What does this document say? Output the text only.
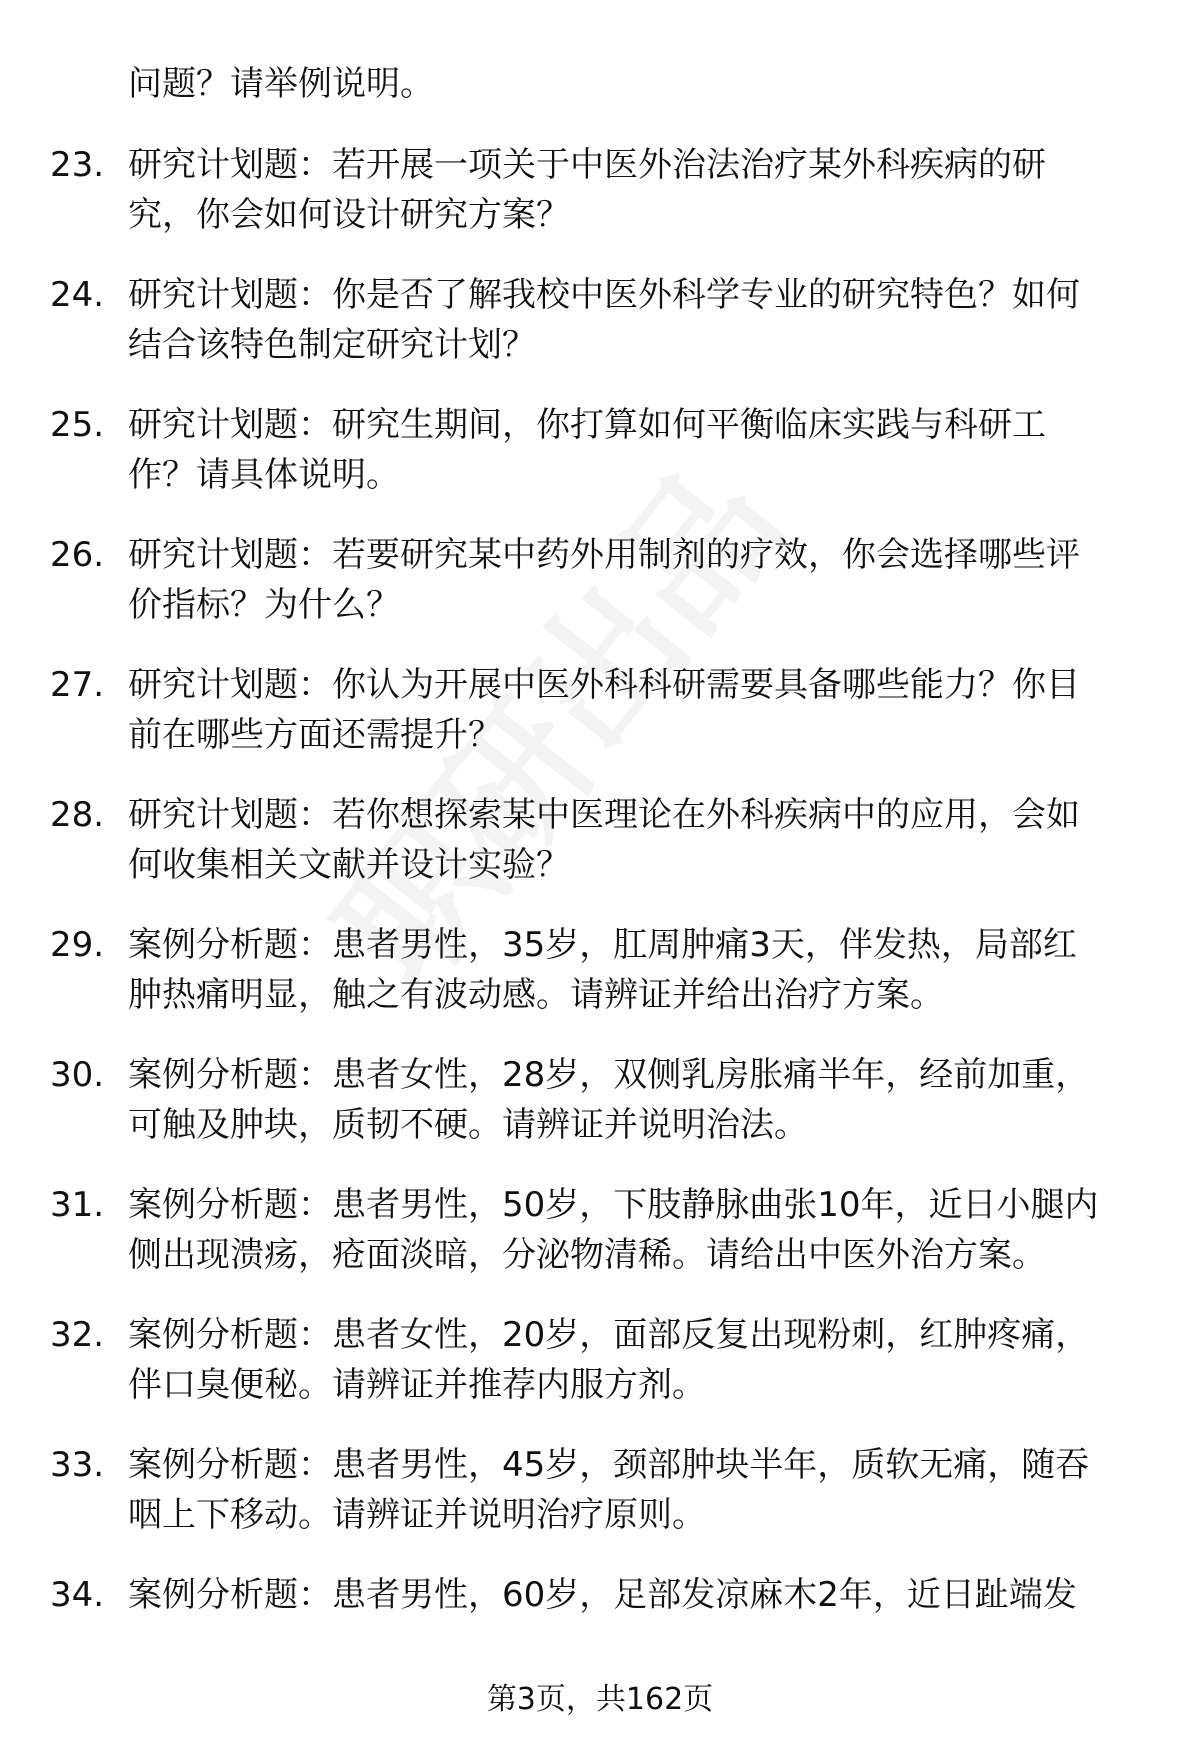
问题？请举例说明。
23. 研究计划题：若开展一项关于中医外治法治疗某外科疾病的研
究，你会如何设计研究方案？
24. 研究计划题：你是否了解我校中医外科学专业的研究特色？如何
结合该特色制定研究计划？
25. 研究计划题：研究生期间，你打算如何平衡临床实践与科研工
作？请具体说明。
26. 研究计划题：若要研究某中药外用制剂的疗效，你会选择哪些评
价指标？为什么？
27. 研究计划题：你认为开展中医外科科研需要具备哪些能力？你目
前在哪些方面还需提升？
28. 研究计划题：若你想探索某中医理论在外科疾病中的应用，会如
何收集相关文献并设计实验？
29. 案例分析题：患者男性，35岁，肛周肿痛3天，伴发热，局部红
肿热痛明显，触之有波动感。请辨证并给出治疗方案。
30. 案例分析题：患者女性，28岁，双侧乳房胀痛半年，经前加重，
可触及肿块，质韧不硬。请辨证并说明治法。
31. 案例分析题：患者男性，50岁，下肢静脉曲张10年，近日小腿内
侧出现溃疡，疮面淡暗，分泌物清稀。请给出中医外治方案。
32. 案例分析题：患者女性，20岁，面部反复出现粉刺，红肿疼痛，
伴口臭便秘。请辨证并推荐内服方剂。
33. 案例分析题：患者男性，45岁，颈部肿块半年，质软无痛，随吞
咽上下移动。请辨证并说明治疗原则。
34. 案例分析题：患者男性，60岁，足部发凉麻木2年，近日趾端发
第3页，共162页
